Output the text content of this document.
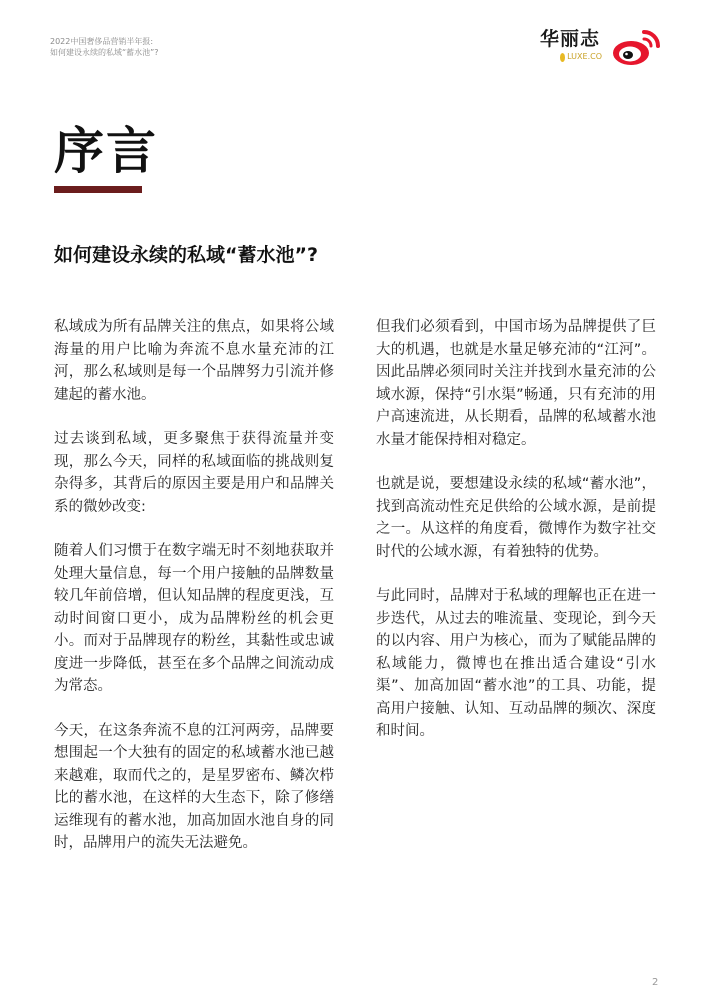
2022中国奢侈品营销半年报:
如何建设永续的私域“蓄水池”?
华丽志
LUXE.CO
序言
如何建设永续的私域“蓄水池”?

私域成为所有品牌关注的焦点，如果将公域海量的用户比喻为奔流不息水量充沛的江河，那么私域则是每一个品牌努力引流并修建起的蓄水池。

过去谈到私域，更多聚焦于获得流量并变现，那么今天，同样的私域面临的挑战则复杂得多，其背后的原因主要是用户和品牌关系的微妙改变:

随着人们习惯于在数字端无时不刻地获取并处理大量信息，每一个用户接触的品牌数量较几年前倍增，但认知品牌的程度更浅，互动时间窗口更小，成为品牌粉丝的机会更小。而对于品牌现存的粉丝，其黏性或忠诚度进一步降低，甚至在多个品牌之间流动成为常态。

今天，在这条奔流不息的江河两旁，品牌要想围起一个大独有的固定的私域蓄水池已越来越难，取而代之的，是星罗密布、鳞次栉比的蓄水池，在这样的大生态下，除了修缮运维现有的蓄水池，加高加固水池自身的同时，品牌用户的流失无法避免。

但我们必须看到，中国市场为品牌提供了巨大的机遇，也就是水量足够充沛的“江河”。因此品牌必须同时关注并找到水量充沛的公域水源，保持“引水渠”畅通，只有充沛的用户高速流进，从长期看，品牌的私域蓄水池水量才能保持相对稳定。

也就是说，要想建设永续的私域“蓄水池”，找到高流动性充足供给的公域水源，是前提之一。从这样的角度看，微博作为数字社交时代的公域水源，有着独特的优势。

与此同时，品牌对于私域的理解也正在进一步迭代，从过去的唯流量、变现论，到今天的以内容、用户为核心，而为了赋能品牌的私域能力，微博也在推出适合建设“引水渠”、加高加固“蓄水池”的工具、功能，提高用户接触、认知、互动品牌的频次、深度和时间。

2
